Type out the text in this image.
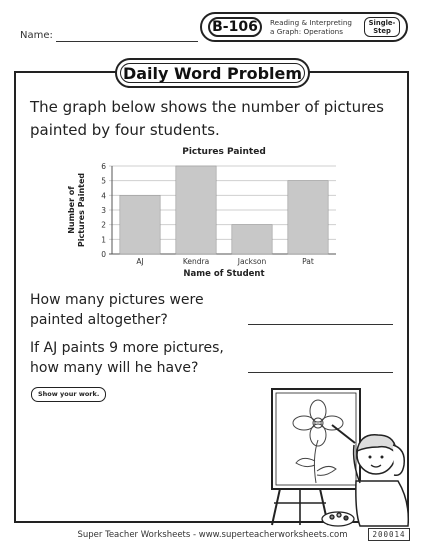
Name:
B-106	Reading & Interpreting
a Graph: Operations
Single-
Step
Daily Word Problem
The graph below shows the number of pictures painted by four students.
Pictures Painted
0
1
2
3
4
5
6
AJ	Kendra	Jackson	Pat
Name of Student
Number of Pictures Painted
How many pictures were painted altogether?
If AJ paints 9 more pictures, how many will he have?
Show your work.
Super Teacher Worksheets - www.superteacherworksheets.com	200014
